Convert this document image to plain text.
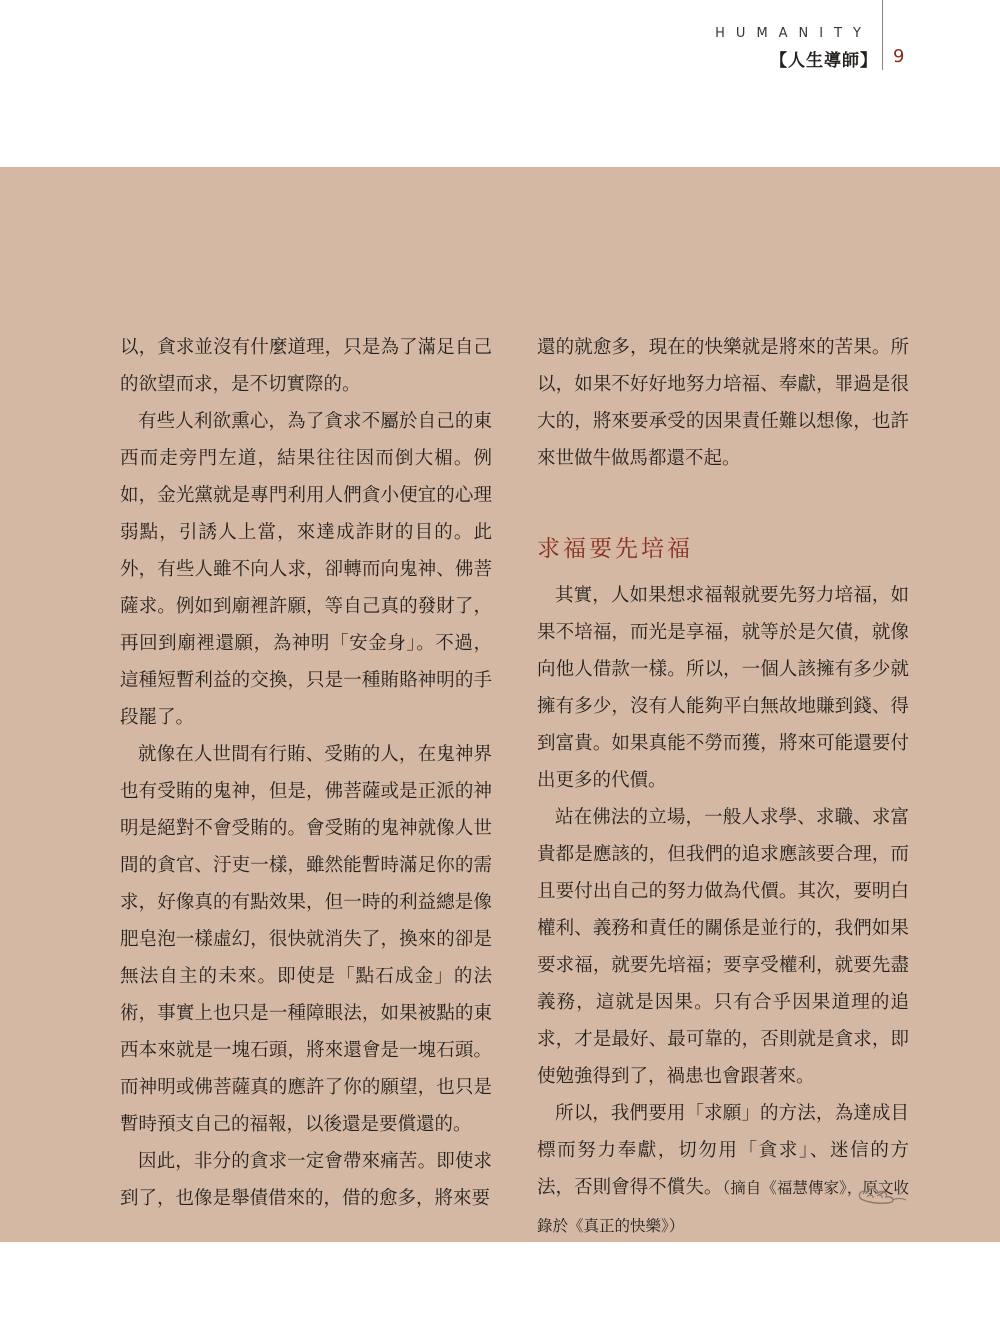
HUMANITY
【人生導師】 9

以，貪求並沒有什麼道理，只是為了滿足自己的欲望而求，是不切實際的。

有些人利欲熏心，為了貪求不屬於自己的東西而走旁門左道，結果往往因而倒大楣。例如，金光黨就是專門利用人們貪小便宜的心理弱點，引誘人上當，來達成詐財的目的。此外，有些人雖不向人求，卻轉而向鬼神、佛菩薩求。例如到廟裡許願，等自己真的發財了，再回到廟裡還願，為神明「安金身」。不過，這種短暫利益的交換，只是一種賄賂神明的手段罷了。

就像在人世間有行賄、受賄的人，在鬼神界也有受賄的鬼神，但是，佛菩薩或是正派的神明是絕對不會受賄的。會受賄的鬼神就像人世間的貪官、汙吏一樣，雖然能暫時滿足你的需求，好像真的有點效果，但一時的利益總是像肥皂泡一樣虛幻，很快就消失了，換來的卻是無法自主的未來。即使是「點石成金」的法術，事實上也只是一種障眼法，如果被點的東西本來就是一塊石頭，將來還會是一塊石頭。而神明或佛菩薩真的應許了你的願望，也只是暫時預支自己的福報，以後還是要償還的。

因此，非分的貪求一定會帶來痛苦。即使求到了，也像是舉債借來的，借的愈多，將來要

還的就愈多，現在的快樂就是將來的苦果。所以，如果不好好地努力培福、奉獻，罪過是很大的，將來要承受的因果責任難以想像，也許來世做牛做馬都還不起。

求福要先培福

其實，人如果想求福報就要先努力培福，如果不培福，而光是享福，就等於是欠債，就像向他人借款一樣。所以，一個人該擁有多少就擁有多少，沒有人能夠平白無故地賺到錢、得到富貴。如果真能不勞而獲，將來可能還要付出更多的代價。

站在佛法的立場，一般人求學、求職、求富貴都是應該的，但我們的追求應該要合理，而且要付出自己的努力做為代價。其次，要明白權利、義務和責任的關係是並行的，我們如果要求福，就要先培福；要享受權利，就要先盡義務，這就是因果。只有合乎因果道理的追求，才是最好、最可靠的，否則就是貪求，即使勉強得到了，禍患也會跟著來。

所以，我們要用「求願」的方法，為達成目標而努力奉獻，切勿用「貪求」、迷信的方法，否則會得不償失。（摘自《福慧傳家》，原文收錄於《真正的快樂》）
